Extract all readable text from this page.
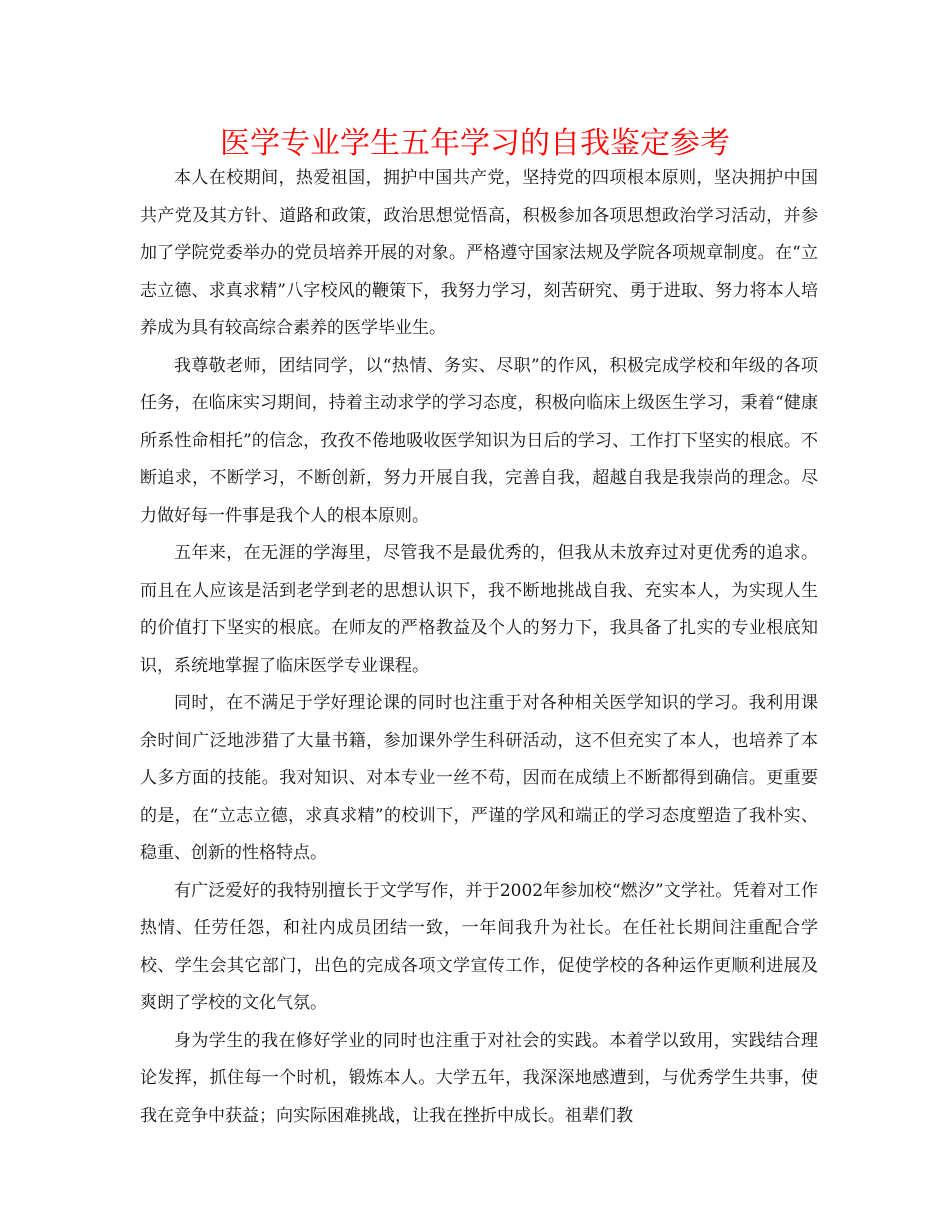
医学专业学生五年学习的自我鉴定参考

本人在校期间，热爱祖国，拥护中国共产党，坚持党的四项根本原则，坚决拥护中国共产党及其方针、道路和政策，政治思想觉悟高，积极参加各项思想政治学习活动，并参加了学院党委举办的党员培养开展的对象。严格遵守国家法规及学院各项规章制度。在“立志立德、求真求精”八字校风的鞭策下，我努力学习，刻苦研究、勇于进取、努力将本人培养成为具有较高综合素养的医学毕业生。

我尊敬老师，团结同学，以“热情、务实、尽职”的作风，积极完成学校和年级的各项任务，在临床实习期间，持着主动求学的学习态度，积极向临床上级医生学习，秉着“健康所系性命相托”的信念，孜孜不倦地吸收医学知识为日后的学习、工作打下坚实的根底。不断追求，不断学习，不断创新，努力开展自我，完善自我，超越自我是我崇尚的理念。尽力做好每一件事是我个人的根本原则。

五年来，在无涯的学海里，尽管我不是最优秀的，但我从未放弃过对更优秀的追求。而且在人应该是活到老学到老的思想认识下，我不断地挑战自我、充实本人，为实现人生的价值打下坚实的根底。在师友的严格教益及个人的努力下，我具备了扎实的专业根底知识，系统地掌握了临床医学专业课程。

同时，在不满足于学好理论课的同时也注重于对各种相关医学知识的学习。我利用课余时间广泛地涉猎了大量书籍，参加课外学生科研活动，这不但充实了本人，也培养了本人多方面的技能。我对知识、对本专业一丝不苟，因而在成绩上不断都得到确信。更重要的是，在“立志立德，求真求精”的校训下，严谨的学风和端正的学习态度塑造了我朴实、稳重、创新的性格特点。

有广泛爱好的我特别擅长于文学写作，并于2002年参加校“燃汐”文学社。凭着对工作热情、任劳任怨，和社内成员团结一致，一年间我升为社长。在任社长期间注重配合学校、学生会其它部门，出色的完成各项文学宣传工作，促使学校的各种运作更顺利进展及爽朗了学校的文化气氛。

身为学生的我在修好学业的同时也注重于对社会的实践。本着学以致用，实践结合理论发挥，抓住每一个时机，锻炼本人。大学五年，我深深地感遭到，与优秀学生共事，使我在竞争中获益；向实际困难挑战，让我在挫折中成长。祖辈们教
